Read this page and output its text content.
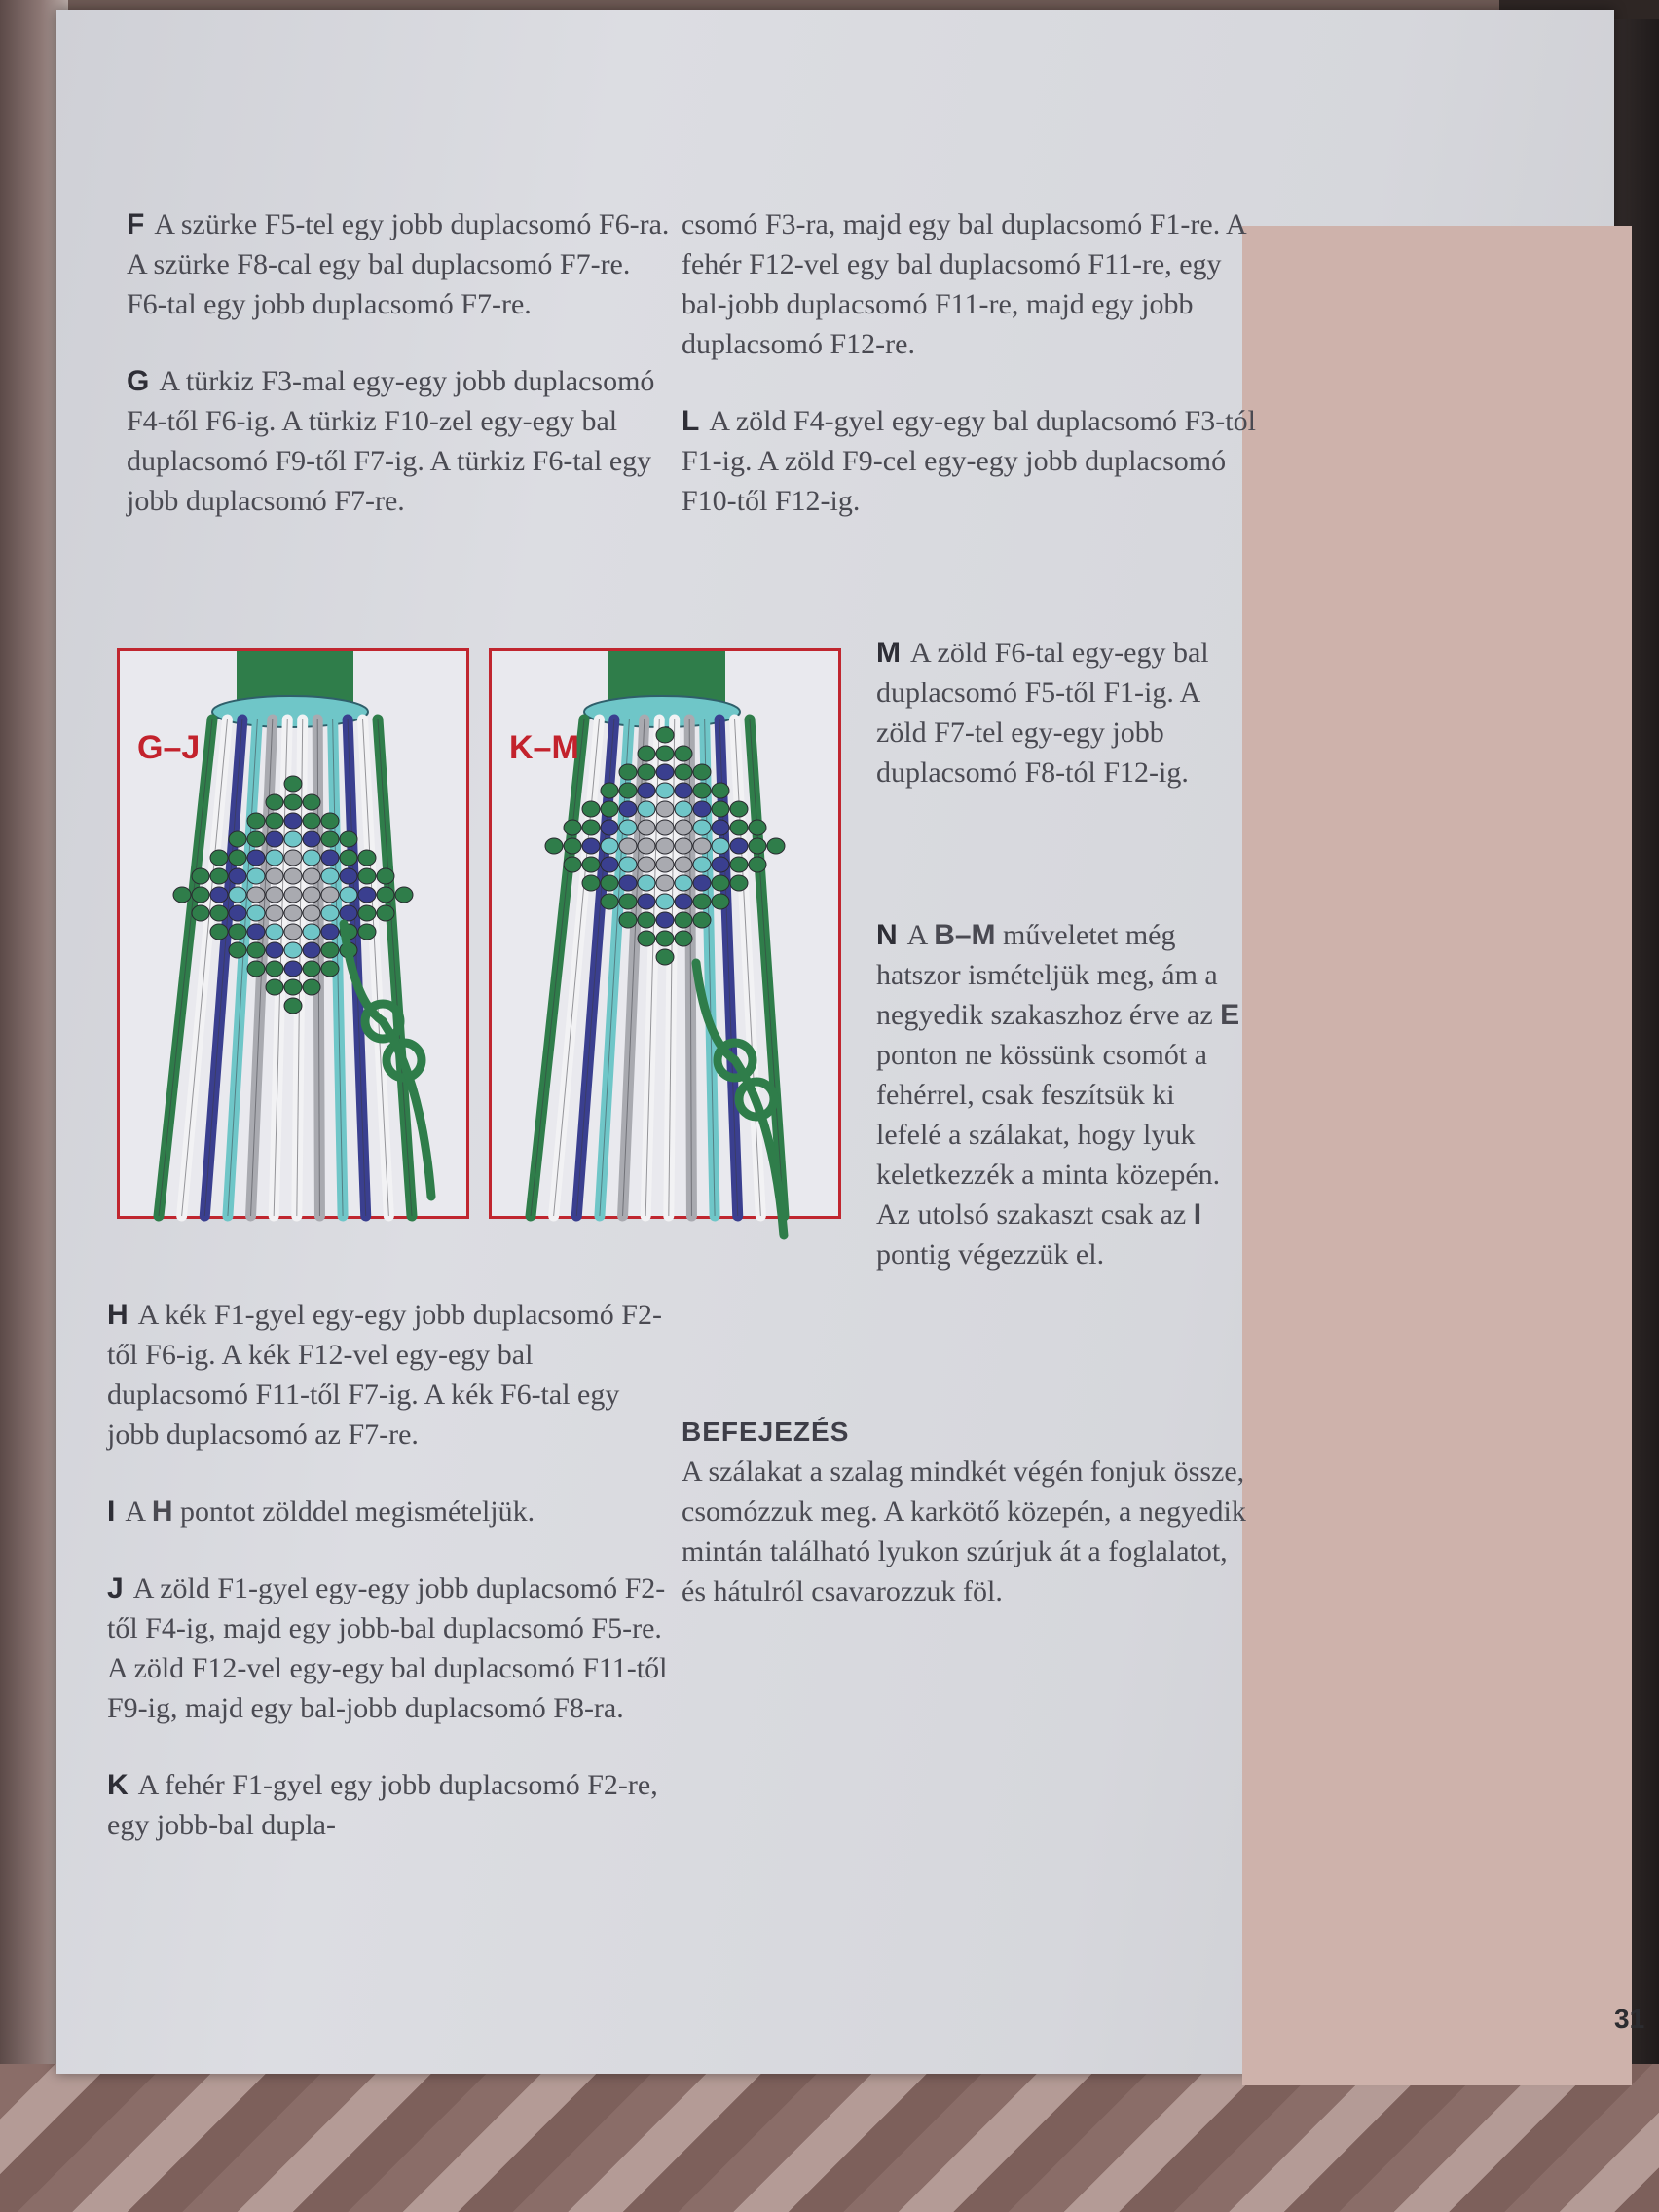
F A szürke F5-tel egy jobb duplacsomó F6-ra. A szürke F8-cal egy bal duplacsomó F7-re. F6-tal egy jobb duplacsomó F7-re.

G A türkiz F3-mal egy-egy jobb duplacsomó F4-től F6-ig. A türkiz F10-zel egy-egy bal duplacsomó F9-től F7-ig. A türkiz F6-tal egy jobb duplacsomó F7-re.

csomó F3-ra, majd egy bal duplacsomó F1-re. A fehér F12-vel egy bal duplacsomó F11-re, egy bal-jobb duplacsomó F11-re, majd egy jobb duplacsomó F12-re.

L A zöld F4-gyel egy-egy bal duplacsomó F3-tól F1-ig. A zöld F9-cel egy-egy jobb duplacsomó F10-től F12-ig.

M A zöld F6-tal egy-egy bal duplacsomó F5-től F1-ig. A zöld F7-tel egy-egy jobb duplacsomó F8-tól F12-ig.

N A B–M műveletet még hatszor ismételjük meg, ám a negyedik szakaszhoz érve az E ponton ne kössünk csomót a fehérrel, csak feszítsük ki lefelé a szálakat, hogy lyuk keletkezzék a minta közepén. Az utolsó szakaszt csak az I pontig végezzük el.

BEFEJEZÉS

A szálakat a szalag mindkét végén fonjuk össze, csomózzuk meg. A karkötő közepén, a negyedik mintán található lyukon szúrjuk át a foglalatot, és hátulról csavarozzuk föl.

H A kék F1-gyel egy-egy jobb duplacsomó F2-től F6-ig. A kék F12-vel egy-egy bal duplacsomó F11-től F7-ig. A kék F6-tal egy jobb duplacsomó az F7-re.

I A H pontot zölddel megismételjük.

J A zöld F1-gyel egy-egy jobb duplacsomó F2-től F4-ig, majd egy jobb-bal duplacsomó F5-re. A zöld F12-vel egy-egy bal duplacsomó F11-től F9-ig, majd egy bal-jobb duplacsomó F8-ra.

K A fehér F1-gyel egy jobb duplacsomó F2-re, egy jobb-bal dupla-

G–J	K–M
31
